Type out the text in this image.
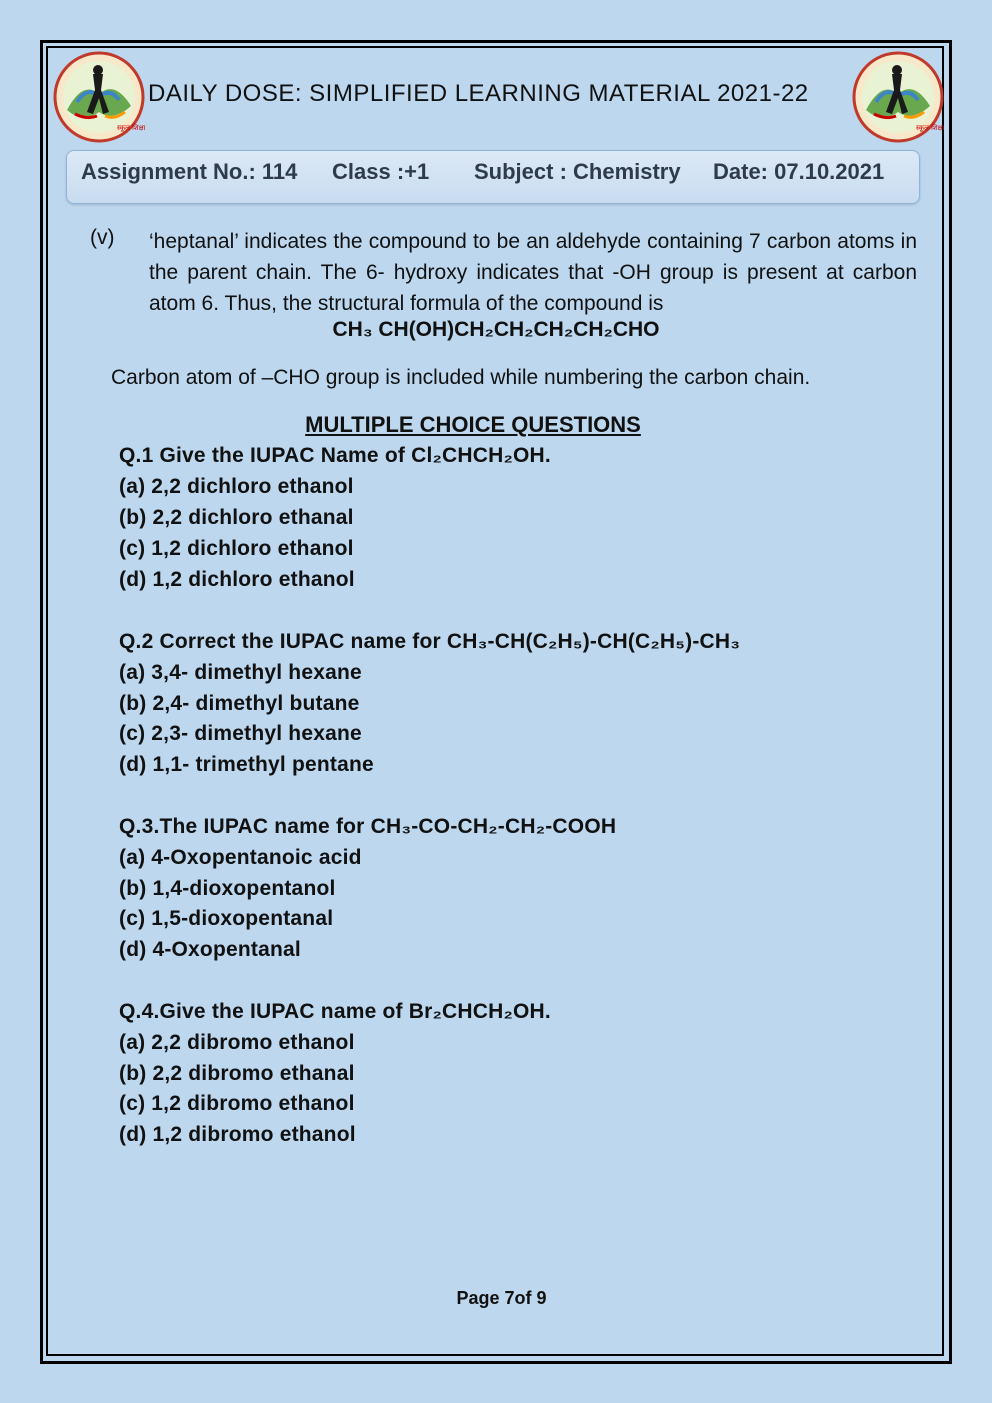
स्कूल शिक्षा	स्कूल शिक्षा
DAILY DOSE: SIMPLIFIED LEARNING MATERIAL 2021-22
Assignment No.: 114 Class :+1 Subject : Chemistry Date: 07.10.2021
(v) ‘heptanal’ indicates the compound to be an aldehyde containing 7 carbon atoms in the parent chain. The 6- hydroxy indicates that -OH group is present at carbon atom 6. Thus, the structural formula of the compound is
CH₃ CH(OH)CH₂CH₂CH₂CH₂CHO
Carbon atom of –CHO group is included while numbering the carbon chain.
MULTIPLE CHOICE QUESTIONS
Q.1 Give the IUPAC Name of Cl₂CHCH₂OH.
(a) 2,2 dichloro ethanol
(b) 2,2 dichloro ethanal
(c) 1,2 dichloro ethanol
(d) 1,2 dichloro ethanol
Q.2 Correct the IUPAC name for CH₃-CH(C₂H₅)-CH(C₂H₅)-CH₃
(a) 3,4- dimethyl hexane
(b) 2,4- dimethyl butane
(c) 2,3- dimethyl hexane
(d) 1,1- trimethyl pentane
Q.3.The IUPAC name for CH₃-CO-CH₂-CH₂-COOH
(a) 4-Oxopentanoic acid
(b) 1,4-dioxopentanol
(c) 1,5-dioxopentanal
(d) 4-Oxopentanal
Q.4.Give the IUPAC name of Br₂CHCH₂OH.
(a) 2,2 dibromo ethanol
(b) 2,2 dibromo ethanal
(c) 1,2 dibromo ethanol
(d) 1,2 dibromo ethanol
Page 7of 9
